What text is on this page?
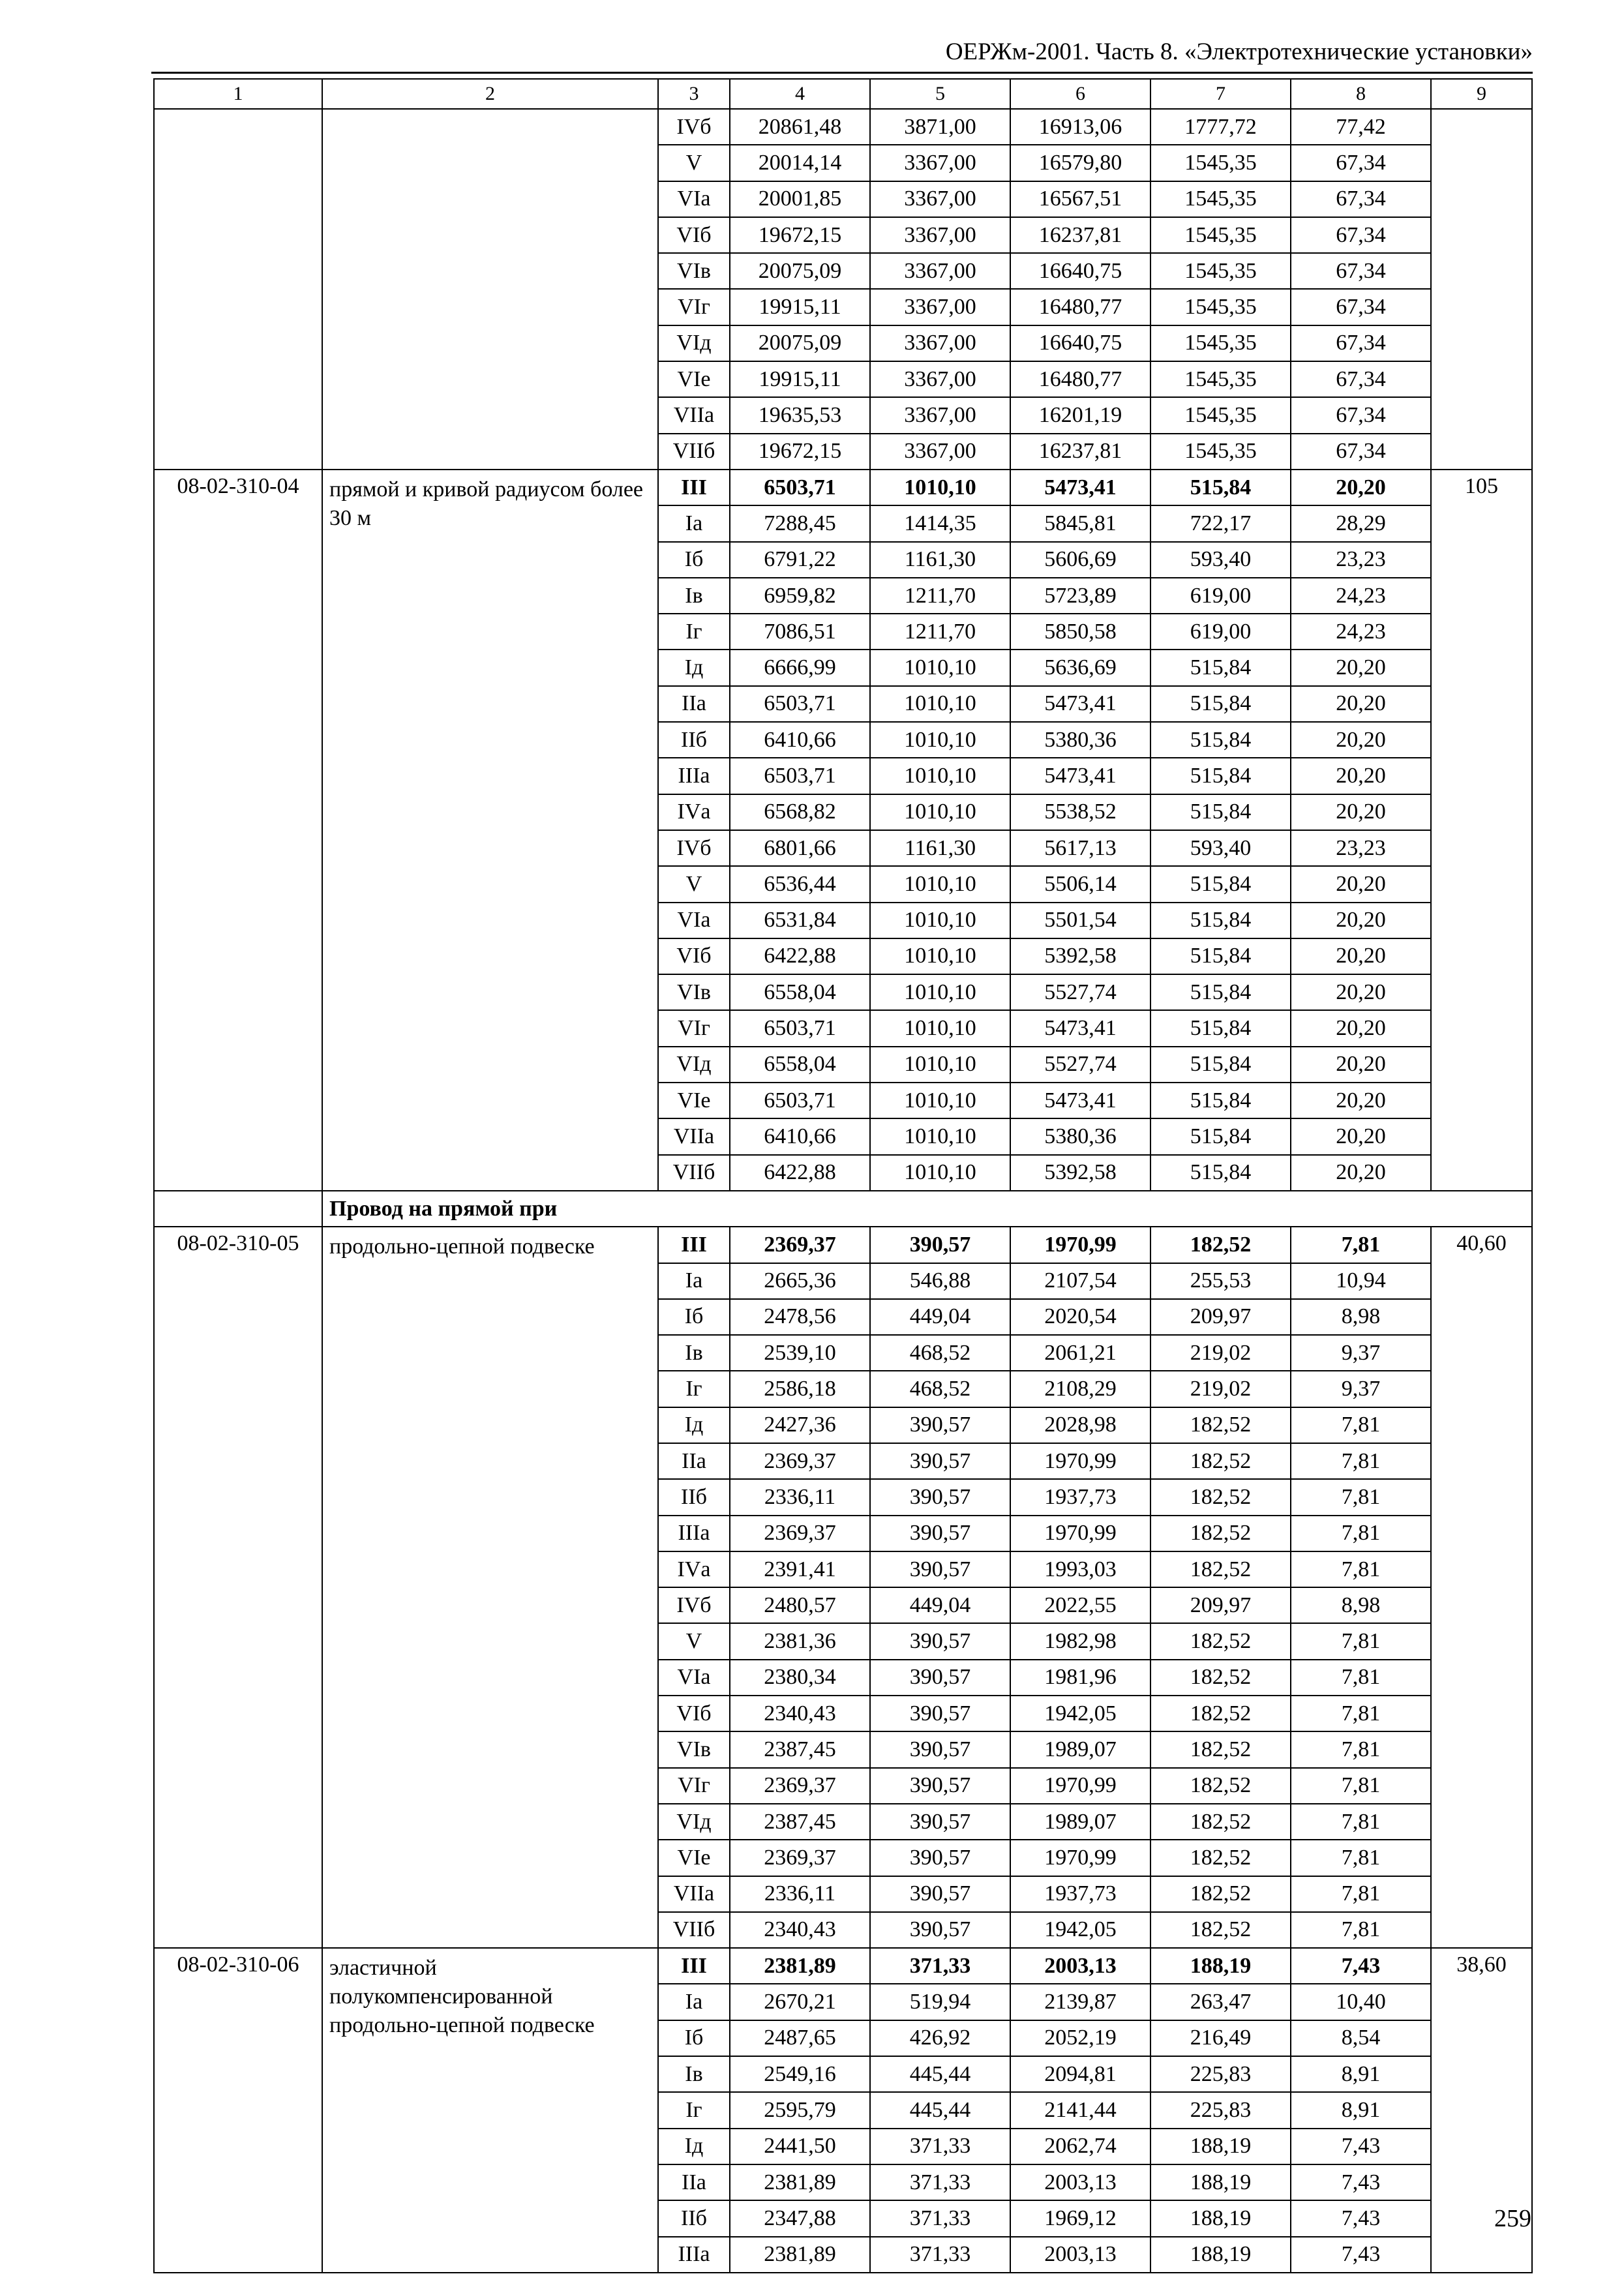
ОЕРЖм-2001. Часть 8. «Электротехнические установки»
1	2	3	4	5	6	7	8	9
		IVб	20861,48	3871,00	16913,06	1777,72	77,42	
		V	20014,14	3367,00	16579,80	1545,35	67,34	
		VIа	20001,85	3367,00	16567,51	1545,35	67,34	
		VIб	19672,15	3367,00	16237,81	1545,35	67,34	
		VIв	20075,09	3367,00	16640,75	1545,35	67,34	
		VIг	19915,11	3367,00	16480,77	1545,35	67,34	
		VIд	20075,09	3367,00	16640,75	1545,35	67,34	
		VIе	19915,11	3367,00	16480,77	1545,35	67,34	
		VIIа	19635,53	3367,00	16201,19	1545,35	67,34	
		VIIб	19672,15	3367,00	16237,81	1545,35	67,34	
08-02-310-04	прямой и кривой радиусом более 30 м	III	6503,71	1010,10	5473,41	515,84	20,20	105
		Iа	7288,45	1414,35	5845,81	722,17	28,29	
		Iб	6791,22	1161,30	5606,69	593,40	23,23	
		Iв	6959,82	1211,70	5723,89	619,00	24,23	
		Iг	7086,51	1211,70	5850,58	619,00	24,23	
		Iд	6666,99	1010,10	5636,69	515,84	20,20	
		IIа	6503,71	1010,10	5473,41	515,84	20,20	
		IIб	6410,66	1010,10	5380,36	515,84	20,20	
		IIIа	6503,71	1010,10	5473,41	515,84	20,20	
		IVа	6568,82	1010,10	5538,52	515,84	20,20	
		IVб	6801,66	1161,30	5617,13	593,40	23,23	
		V	6536,44	1010,10	5506,14	515,84	20,20	
		VIа	6531,84	1010,10	5501,54	515,84	20,20	
		VIб	6422,88	1010,10	5392,58	515,84	20,20	
		VIв	6558,04	1010,10	5527,74	515,84	20,20	
		VIг	6503,71	1010,10	5473,41	515,84	20,20	
		VIд	6558,04	1010,10	5527,74	515,84	20,20	
		VIе	6503,71	1010,10	5473,41	515,84	20,20	
		VIIа	6410,66	1010,10	5380,36	515,84	20,20	
		VIIб	6422,88	1010,10	5392,58	515,84	20,20	
	Провод на прямой при							
08-02-310-05	продольно-цепной подвеске	III	2369,37	390,57	1970,99	182,52	7,81	40,60
		Iа	2665,36	546,88	2107,54	255,53	10,94	
		Iб	2478,56	449,04	2020,54	209,97	8,98	
		Iв	2539,10	468,52	2061,21	219,02	9,37	
		Iг	2586,18	468,52	2108,29	219,02	9,37	
		Iд	2427,36	390,57	2028,98	182,52	7,81	
		IIа	2369,37	390,57	1970,99	182,52	7,81	
		IIб	2336,11	390,57	1937,73	182,52	7,81	
		IIIа	2369,37	390,57	1970,99	182,52	7,81	
		IVа	2391,41	390,57	1993,03	182,52	7,81	
		IVб	2480,57	449,04	2022,55	209,97	8,98	
		V	2381,36	390,57	1982,98	182,52	7,81	
		VIа	2380,34	390,57	1981,96	182,52	7,81	
		VIб	2340,43	390,57	1942,05	182,52	7,81	
		VIв	2387,45	390,57	1989,07	182,52	7,81	
		VIг	2369,37	390,57	1970,99	182,52	7,81	
		VIд	2387,45	390,57	1989,07	182,52	7,81	
		VIе	2369,37	390,57	1970,99	182,52	7,81	
		VIIа	2336,11	390,57	1937,73	182,52	7,81	
		VIIб	2340,43	390,57	1942,05	182,52	7,81	
08-02-310-06	эластичной полукомпенсированной продольно-цепной подвеске	III	2381,89	371,33	2003,13	188,19	7,43	38,60
		Iа	2670,21	519,94	2139,87	263,47	10,40	
		Iб	2487,65	426,92	2052,19	216,49	8,54	
		Iв	2549,16	445,44	2094,81	225,83	8,91	
		Iг	2595,79	445,44	2141,44	225,83	8,91	
		Iд	2441,50	371,33	2062,74	188,19	7,43	
		IIа	2381,89	371,33	2003,13	188,19	7,43	
		IIб	2347,88	371,33	1969,12	188,19	7,43	
		IIIа	2381,89	371,33	2003,13	188,19	7,43	
259
